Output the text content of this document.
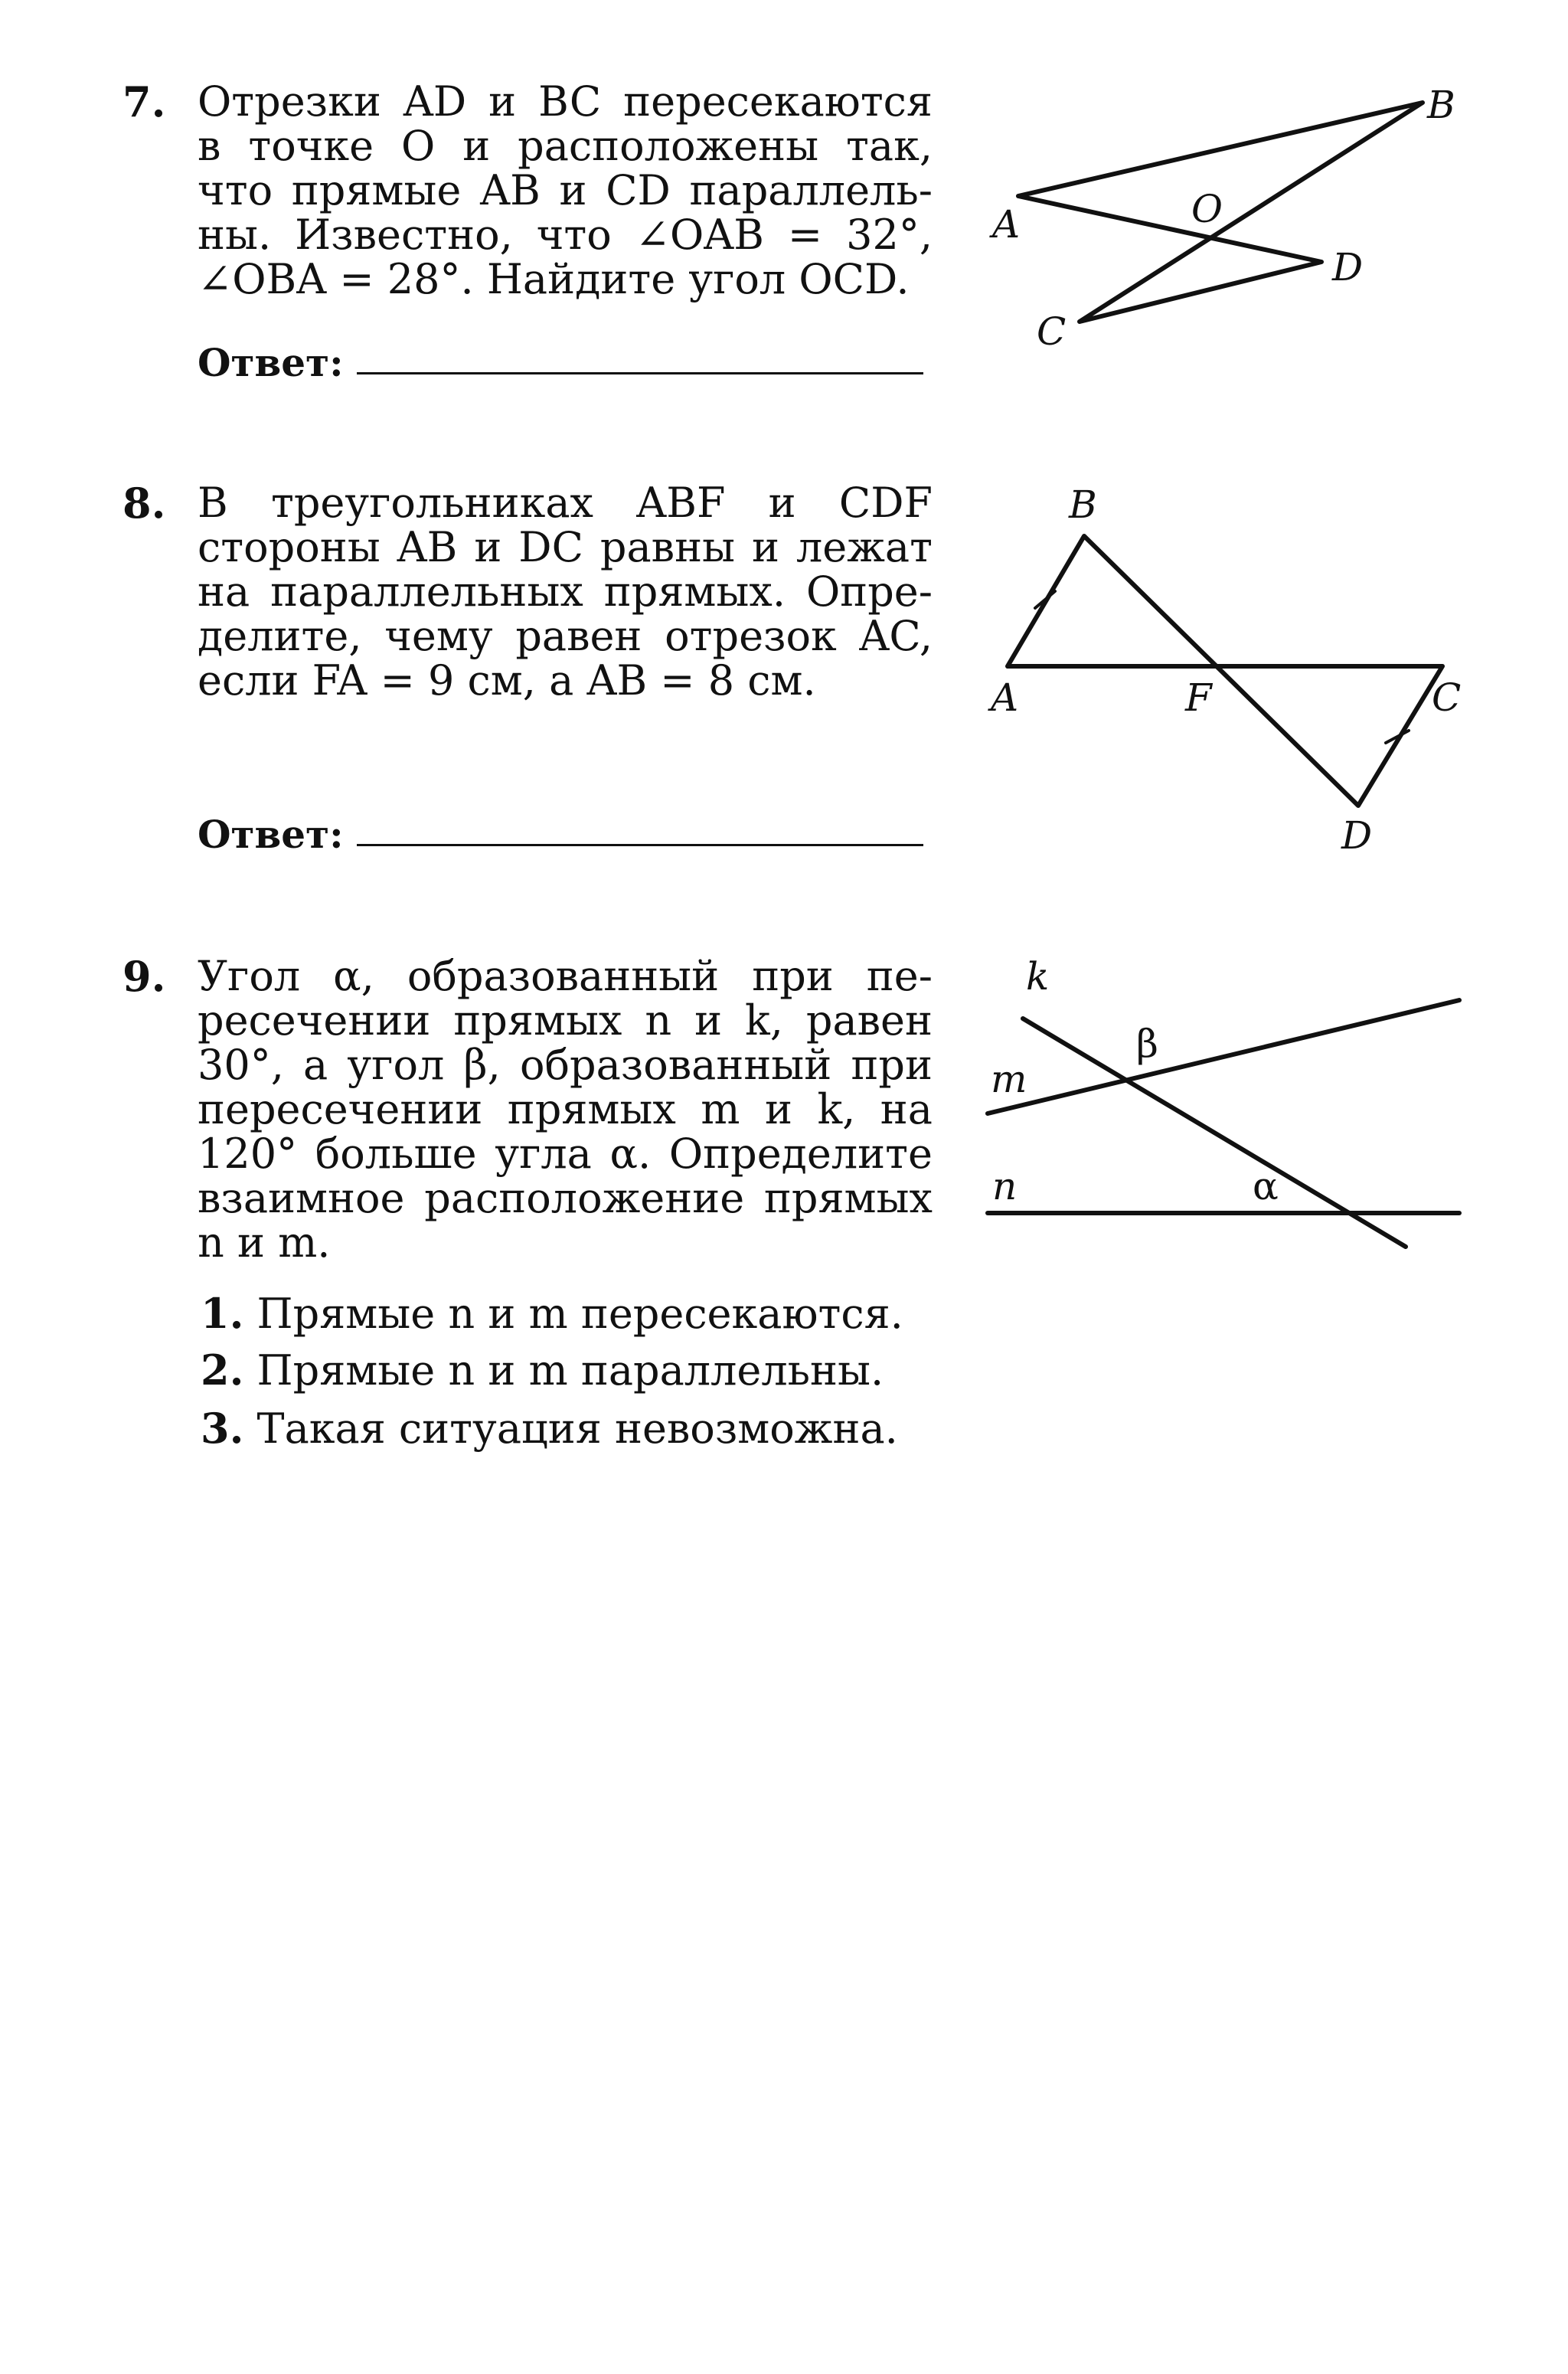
7. Отрезки AD и BC пересекаются
в точке O и расположены так,
что прямые AB и CD параллель-
ны. Известно, что ∠OAB = 32°,
∠OBA = 28°. Найдите угол OCD.
Ответ:
8. В треугольниках ABF и CDF
стороны AB и DC равны и лежат
на параллельных прямых. Опре-
делите, чему равен отрезок AC,
если FA = 9 см, а AB = 8 см.
Ответ:
9. Угол α, образованный при пе-
ресечении прямых n и k, равен
30°, а угол β, образованный при
пересечении прямых m и k, на
120° больше угла α. Определите
взаимное расположение прямых
n и m.
1. Прямые n и m пересекаются.
2. Прямые n и m параллельны.
3. Такая ситуация невозможна.
A
B
O
D
C
B
A	F	C
D
k
β
m
n	α
